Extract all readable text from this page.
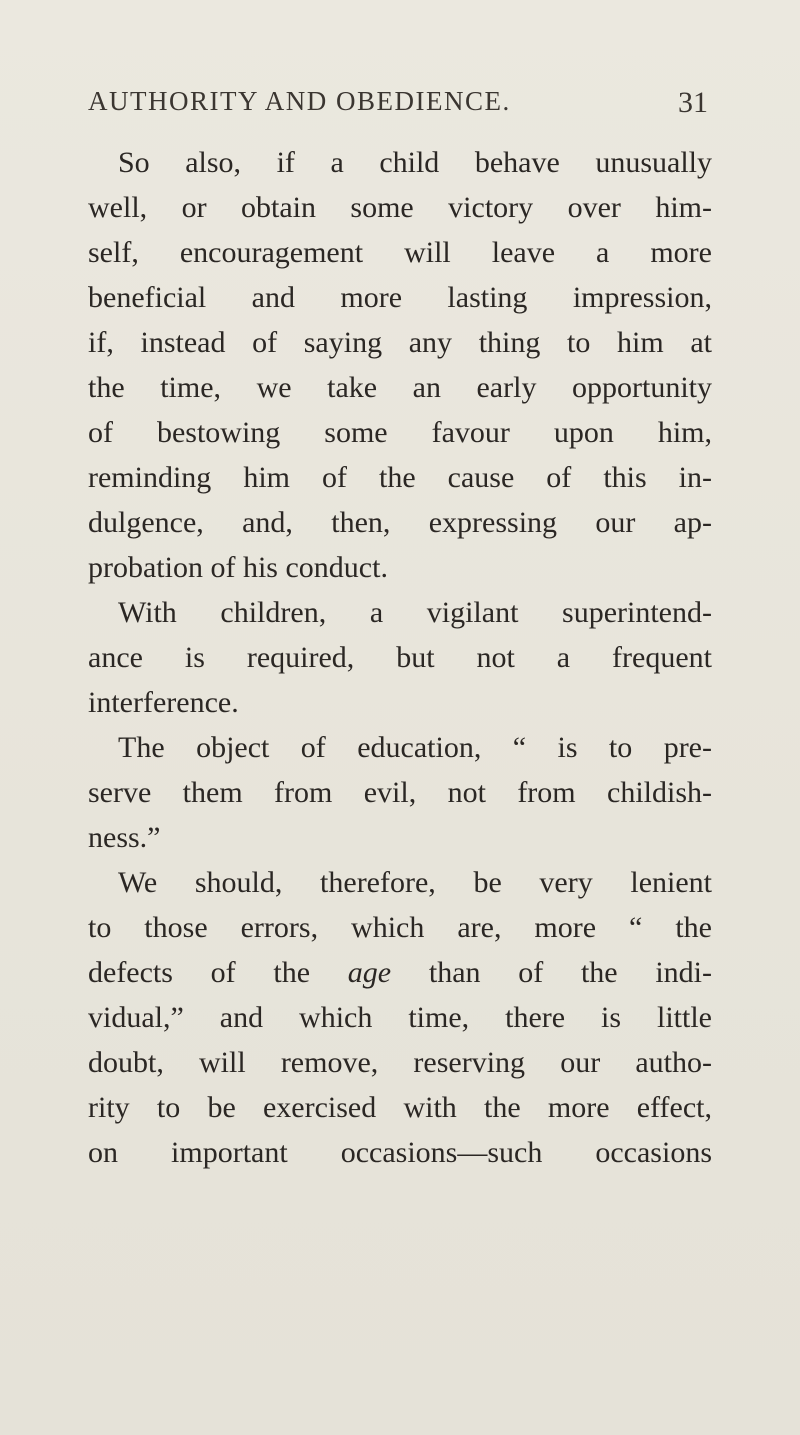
AUTHORITY AND OBEDIENCE.	31
So also, if a child behave unusually
well, or obtain some victory over him-
self, encouragement will leave a more
beneficial and more lasting impression,
if, instead of saying any thing to him at
the time, we take an early opportunity
of bestowing some favour upon him,
reminding him of the cause of this in-
dulgence, and, then, expressing our ap-
probation of his conduct.
With children, a vigilant superintend-
ance is required, but not a frequent
interference.
The object of education, “ is to pre-
serve them from evil, not from childish-
ness.”
We should, therefore, be very lenient
to those errors, which are, more “ the
defects of the age than of the indi-
vidual,” and which time, there is little
doubt, will remove, reserving our autho-
rity to be exercised with the more effect,
on important occasions—such occasions
